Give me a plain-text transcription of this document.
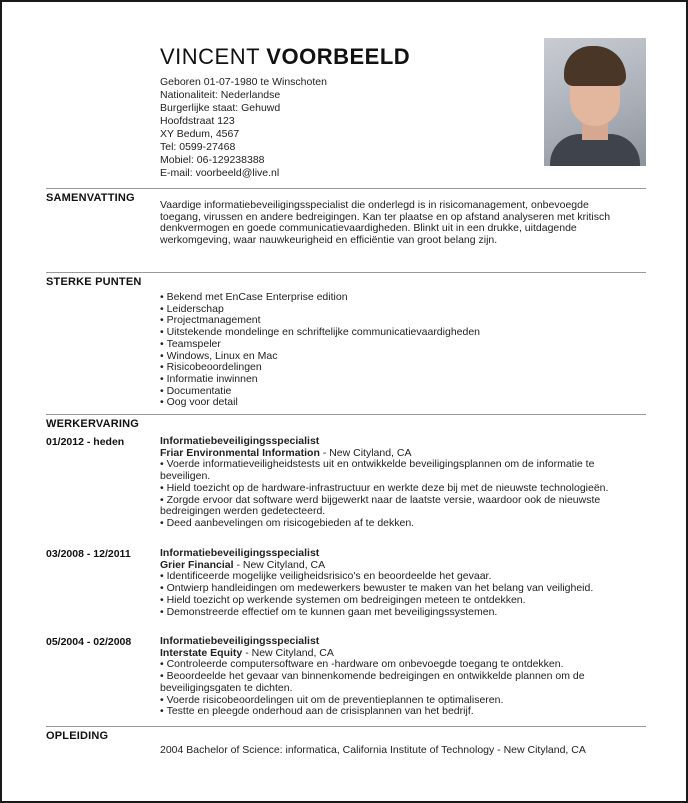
VINCENT VOORBEELD
Geboren 01-07-1980 te Winschoten
Nationaliteit: Nederlandse
Burgerlijke staat: Gehuwd
Hoofdstraat 123
XY Bedum, 4567
Tel: 0599-27468
Mobiel: 06-129238388
E-mail: voorbeeld@live.nl
SAMENVATTING
Vaardige informatiebeveiligingsspecialist die onderlegd is in risicomanagement, onbevoegde toegang, virussen en andere bedreigingen. Kan ter plaatse en op afstand analyseren met kritisch denkvermogen en goede communicatievaardigheden. Blinkt uit in een drukke, uitdagende werkomgeving, waar nauwkeurigheid en efficiëntie van groot belang zijn.
STERKE PUNTEN
• Bekend met EnCase Enterprise edition
• Leiderschap
• Projectmanagement
• Uitstekende mondelinge en schriftelijke communicatievaardigheden
• Teamspeler
• Windows, Linux en Mac
• Risicobeoordelingen
• Informatie inwinnen
• Documentatie
• Oog voor detail
WERKERVARING
01/2012 - heden	Informatiebeveiligingsspecialist
Friar Environmental Information - New Cityland, CA
• Voerde informatieveiligheidstests uit en ontwikkelde beveiligingsplannen om de informatie te beveiligen.
• Hield toezicht op de hardware-infrastructuur en werkte deze bij met de nieuwste technologieën.
• Zorgde ervoor dat software werd bijgewerkt naar de laatste versie, waardoor ook de nieuwste bedreigingen werden gedetecteerd.
• Deed aanbevelingen om risicogebieden af te dekken.
03/2008 - 12/2011	Informatiebeveiligingsspecialist
Grier Financial - New Cityland, CA
• Identificeerde mogelijke veiligheidsrisico's en beoordeelde het gevaar.
• Ontwierp handleidingen om medewerkers bewuster te maken van het belang van veiligheid.
• Hield toezicht op werkende systemen om bedreigingen meteen te ontdekken.
• Demonstreerde effectief om te kunnen gaan met beveiligingssystemen.
05/2004 - 02/2008	Informatiebeveiligingsspecialist
Interstate Equity - New Cityland, CA
• Controleerde computersoftware en -hardware om onbevoegde toegang te ontdekken.
• Beoordeelde het gevaar van binnenkomende bedreigingen en ontwikkelde plannen om de beveiligingsgaten te dichten.
• Voerde risicobeoordelingen uit om de preventieplannen te optimaliseren.
• Testte en pleegde onderhoud aan de crisisplannen van het bedrijf.
OPLEIDING
2004 Bachelor of Science: informatica, California Institute of Technology - New Cityland, CA
